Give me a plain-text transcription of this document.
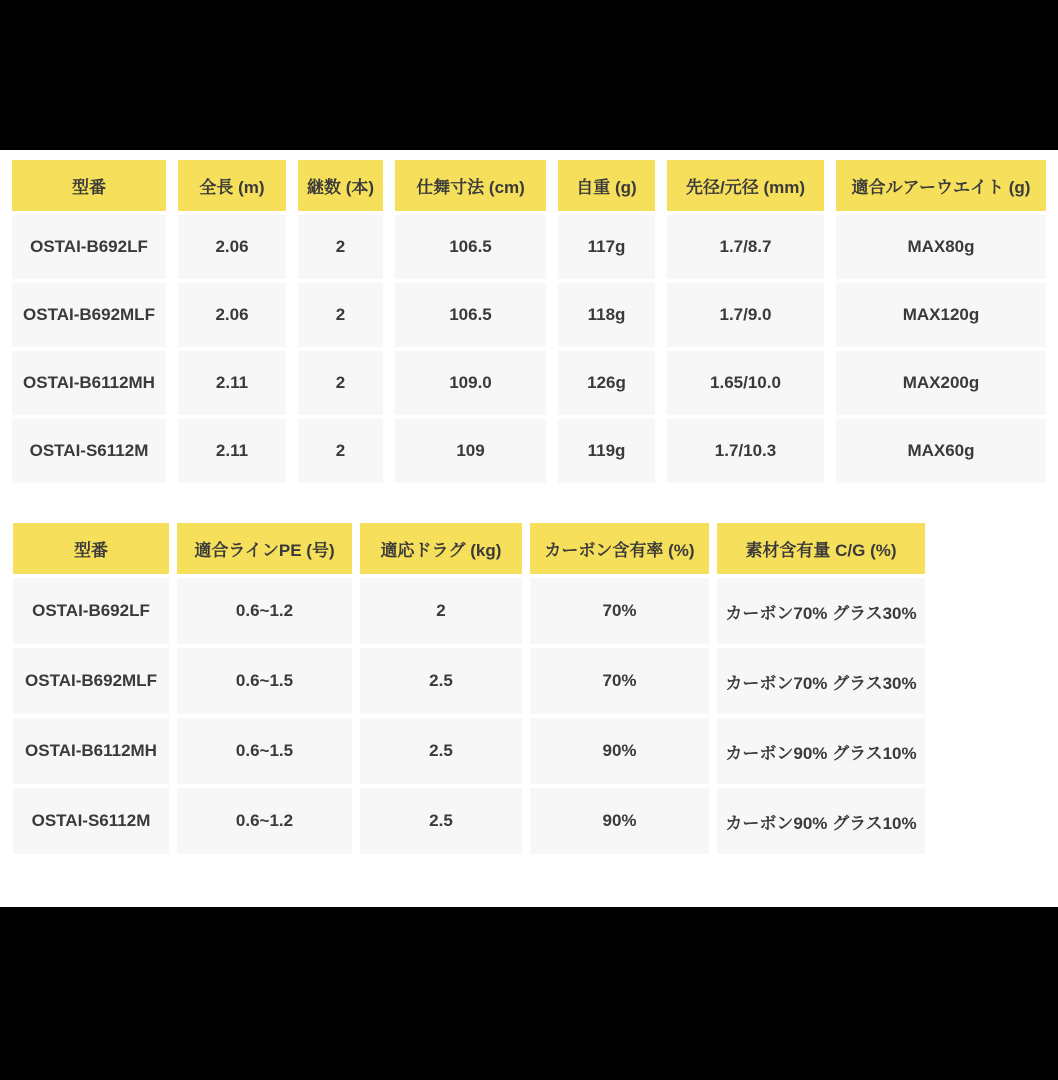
型番	全長 (m)	継数 (本)	仕舞寸法 (cm)	自重 (g)	先径/元径 (mm)	適合ルアーウエイト (g)
OSTAI-B692LF	2.06	2	106.5	117g	1.7/8.7	MAX80g
OSTAI-B692MLF	2.06	2	106.5	118g	1.7/9.0	MAX120g
OSTAI-B6112MH	2.11	2	109.0	126g	1.65/10.0	MAX200g
OSTAI-S6112M	2.11	2	109	119g	1.7/10.3	MAX60g
型番	適合ラインPE (号)	適応ドラグ (kg)	カーボン含有率 (%)	素材含有量 C/G (%)
OSTAI-B692LF	0.6~1.2	2	70%	カーボン70% グラス30%
OSTAI-B692MLF	0.6~1.5	2.5	70%	カーボン70% グラス30%
OSTAI-B6112MH	0.6~1.5	2.5	90%	カーボン90% グラス10%
OSTAI-S6112M	0.6~1.2	2.5	90%	カーボン90% グラス10%
